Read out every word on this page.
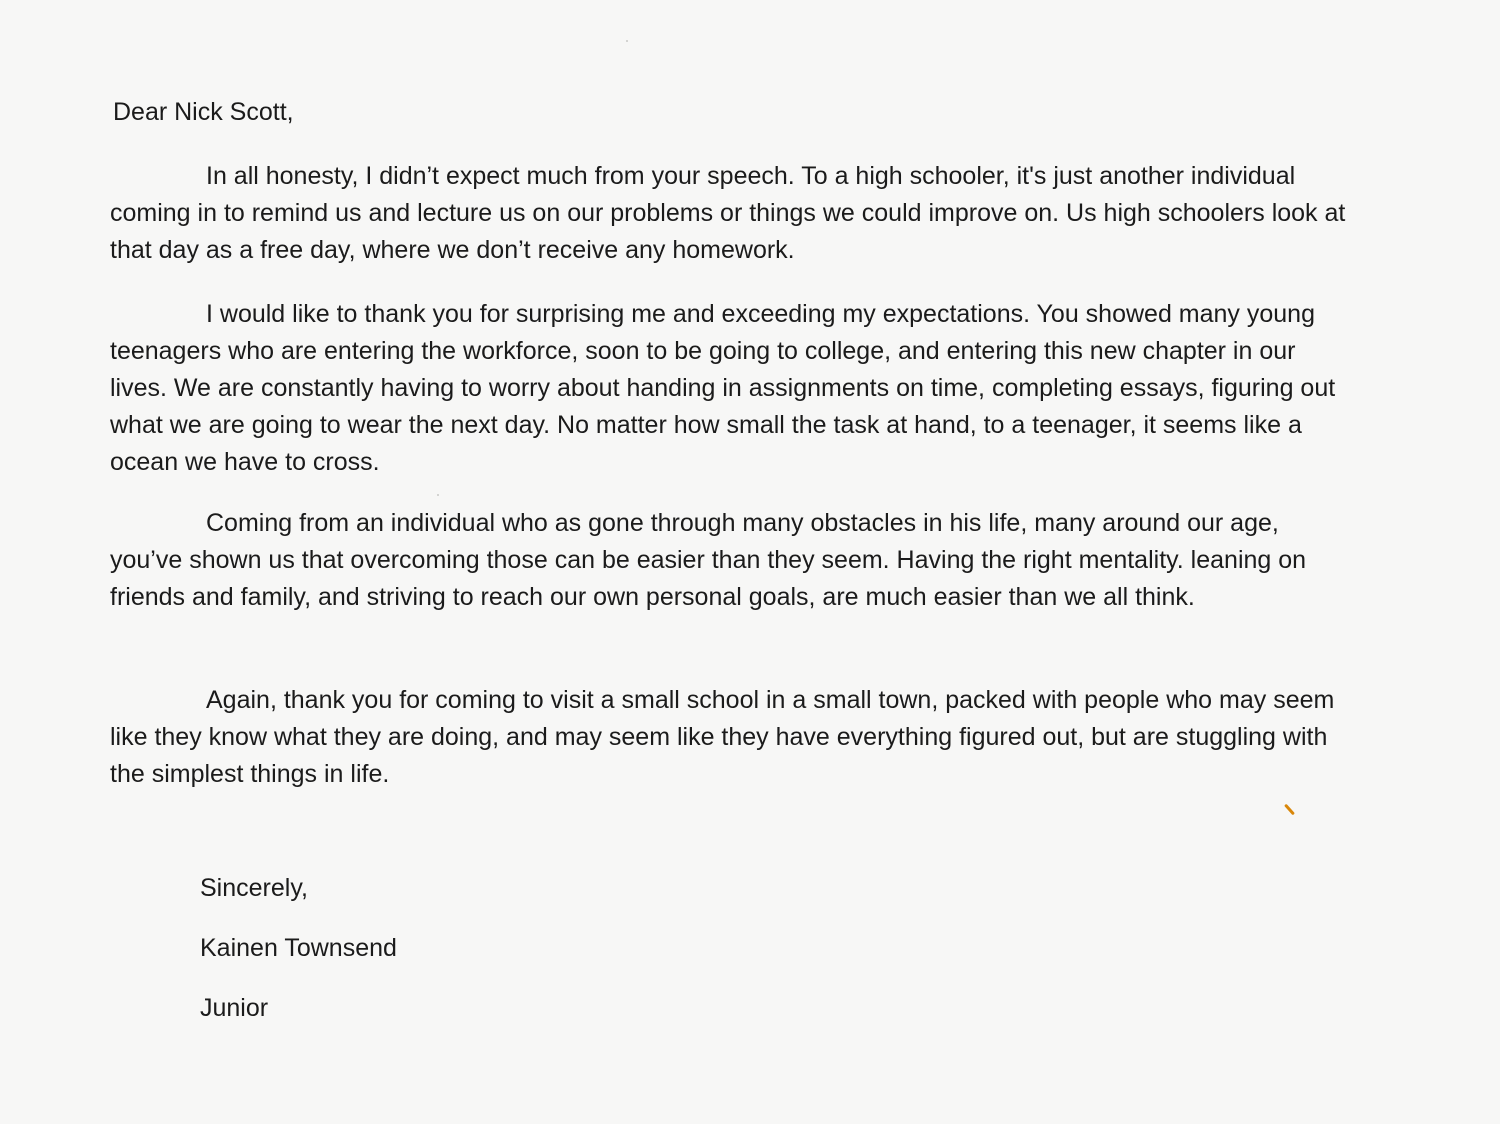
Dear Nick Scott,

In all honesty, I didn’t expect much from your speech. To a high schooler, it's just another individual coming in to remind us and lecture us on our problems or things we could improve on. Us high schoolers look at that day as a free day, where we don’t receive any homework.

I would like to thank you for surprising me and exceeding my expectations. You showed many young teenagers who are entering the workforce, soon to be going to college, and entering this new chapter in our lives. We are constantly having to worry about handing in assignments on time, completing essays, figuring out what we are going to wear the next day. No matter how small the task at hand, to a teenager, it seems like a ocean we have to cross.

Coming from an individual who as gone through many obstacles in his life, many around our age, you’ve shown us that overcoming those can be easier than they seem. Having the right mentality. leaning on friends and family, and striving to reach our own personal goals, are much easier than we all think.

Again, thank you for coming to visit a small school in a small town, packed with people who may seem like they know what they are doing, and may seem like they have everything figured out, but are stuggling with the simplest things in life.

Sincerely,

Kainen Townsend

Junior
